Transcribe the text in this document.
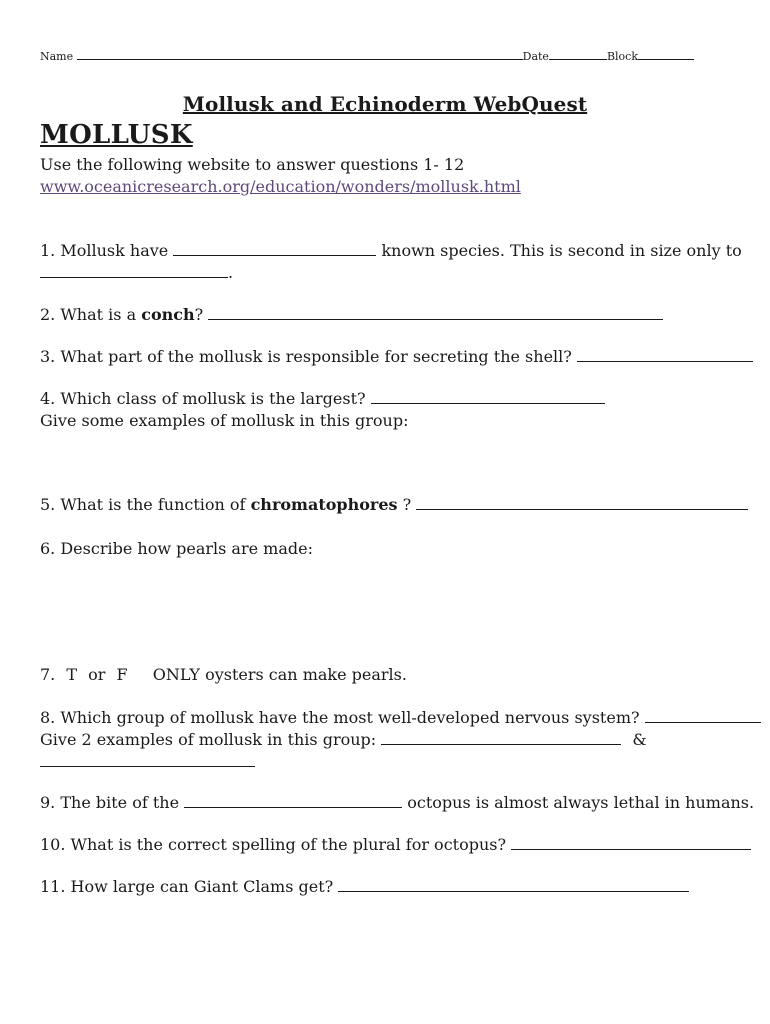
Name	Date	Block
Mollusk and Echinoderm WebQuest
MOLLUSK
Use the following website to answer questions 1- 12
www.oceanicresearch.org/education/wonders/mollusk.html
1. Mollusk have	known species. This is second in size only to
.
2. What is a conch?
3. What part of the mollusk is responsible for secreting the shell?
4. Which class of mollusk is the largest?
Give some examples of mollusk in this group:
5. What is the function of chromatophores ?
6. Describe how pearls are made:
7. T or F ONLY oysters can make pearls.
8. Which group of mollusk have the most well-developed nervous system?
Give 2 examples of mollusk in this group:	&
9. The bite of the	octopus is almost always lethal in humans.
10. What is the correct spelling of the plural for octopus?
11. How large can Giant Clams get?
